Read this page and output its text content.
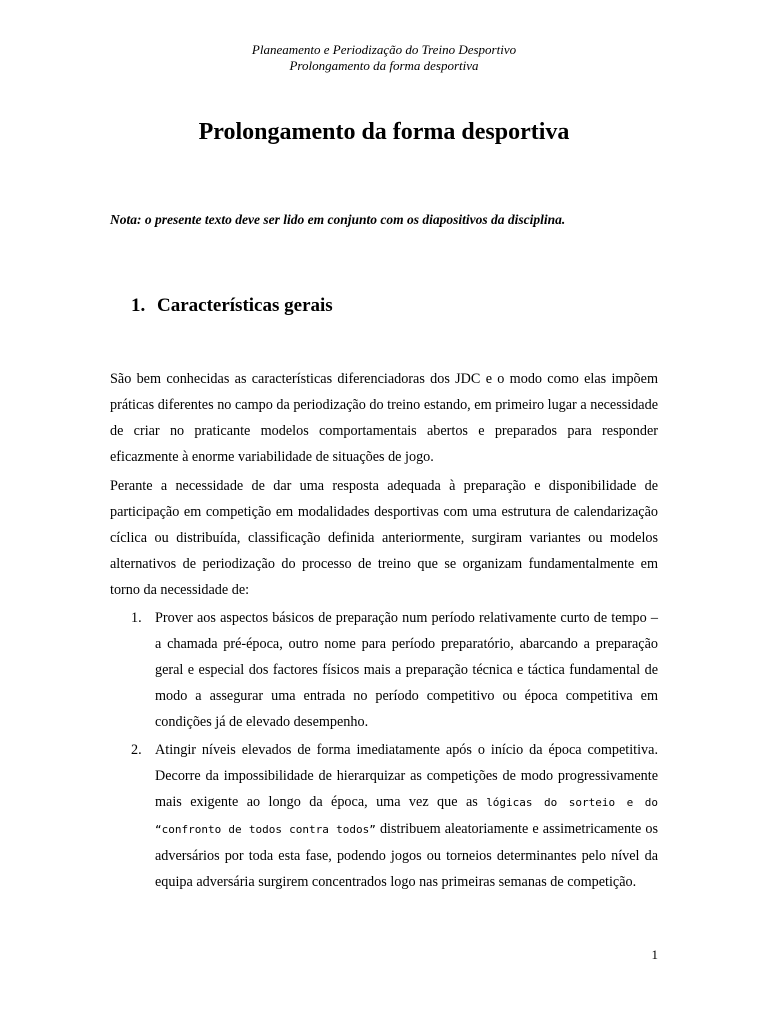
Planeamento e Periodização do Treino Desportivo
Prolongamento da forma desportiva
Prolongamento da forma desportiva
Nota: o presente texto deve ser lido em conjunto com os diapositivos da disciplina.
1. Características gerais

São bem conhecidas as características diferenciadoras dos JDC e o modo como elas impõem práticas diferentes no campo da periodização do treino estando, em primeiro lugar a necessidade de criar no praticante modelos comportamentais abertos e preparados para responder eficazmente à enorme variabilidade de situações de jogo.

Perante a necessidade de dar uma resposta adequada à preparação e disponibilidade de participação em competição em modalidades desportivas com uma estrutura de calendarização cíclica ou distribuída, classificação definida anteriormente, surgiram variantes ou modelos alternativos de periodização do processo de treino que se organizam fundamentalmente em torno da necessidade de:

1. Prover aos aspectos básicos de preparação num período relativamente curto de tempo – a chamada pré-época, outro nome para período preparatório, abarcando a preparação geral e especial dos factores físicos mais a preparação técnica e táctica fundamental de modo a assegurar uma entrada no período competitivo ou época competitiva em condições já de elevado desempenho.
2. Atingir níveis elevados de forma imediatamente após o início da época competitiva. Decorre da impossibilidade de hierarquizar as competições de modo progressivamente mais exigente ao longo da época, uma vez que as lógicas do sorteio e do “confronto de todos contra todos” distribuem aleatoriamente e assimetricamente os adversários por toda esta fase, podendo jogos ou torneios determinantes pelo nível da equipa adversária surgirem concentrados logo nas primeiras semanas de competição.
1
